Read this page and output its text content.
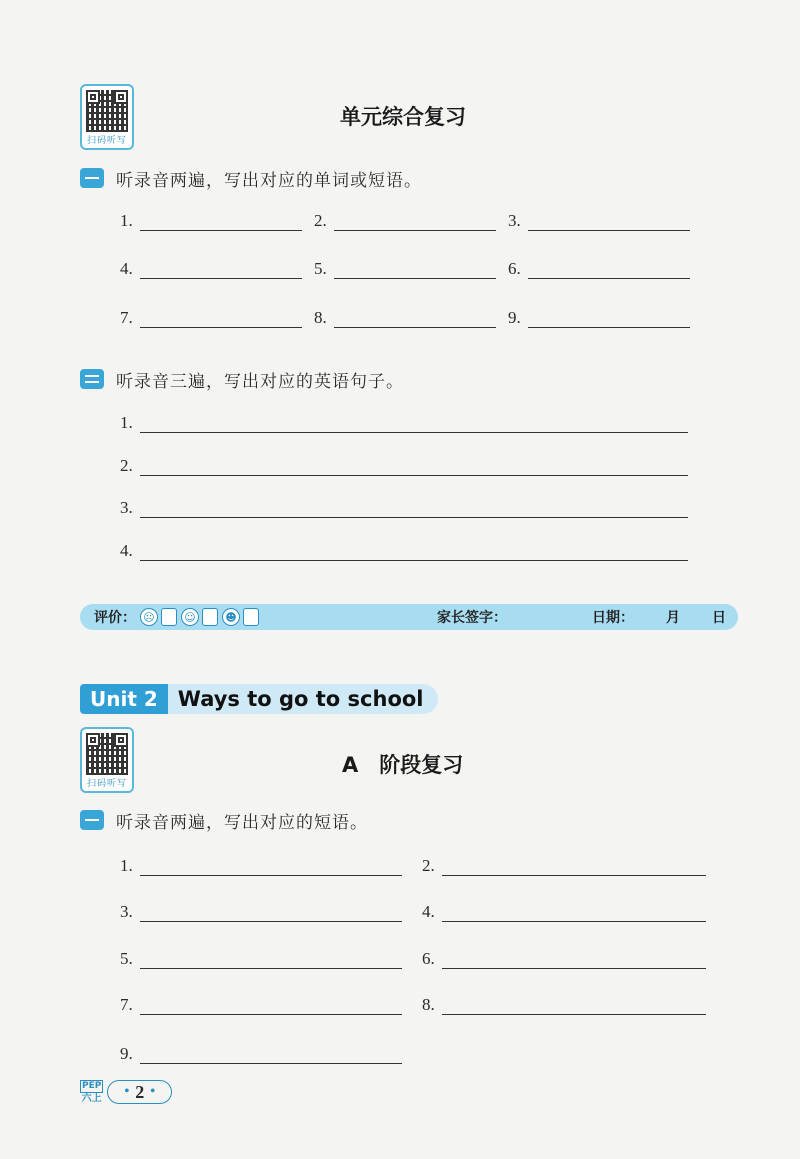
扫码听写
单元综合复习
听录音两遍，写出对应的单词或短语。
1.	2.	3.
4.	5.	6.
7.	8.	9.
听录音三遍，写出对应的英语句子。
1.
2.
3.
4.
评价： ☹	☺	☻	家长签字：	日期： 月 日
Unit 2 Ways to go to school
扫码听写
A　阶段复习
听录音两遍，写出对应的短语。
1.	2.
3.	4.
5.	6.
7.	8.
9.
PEP
六上 • 2 •
